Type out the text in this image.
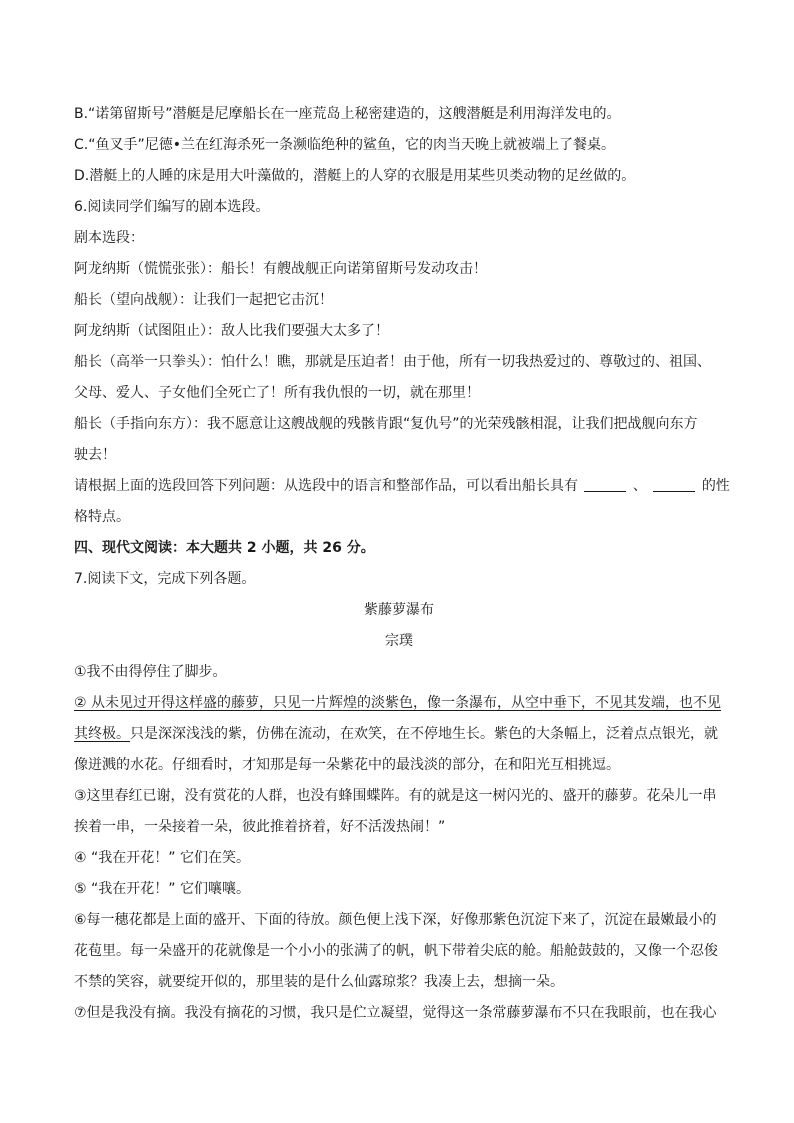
B.“诺第留斯号”潜艇是尼摩船长在一座荒岛上秘密建造的，这艘潜艇是利用海洋发电的。
C.“鱼叉手”尼德•兰在红海杀死一条濒临绝种的鲨鱼，它的肉当天晚上就被端上了餐桌。
D.潜艇上的人睡的床是用大叶藻做的，潜艇上的人穿的衣服是用某些贝类动物的足丝做的。
6.阅读同学们编写的剧本选段。
剧本选段：
阿龙纳斯（慌慌张张）：船长！有艘战舰正向诺第留斯号发动攻击！
船长（望向战舰）：让我们一起把它击沉！
阿龙纳斯（试图阻止）：敌人比我们要强大太多了！
船长（高举一只拳头）：怕什么！瞧，那就是压迫者！由于他，所有一切我热爱过的、尊敬过的、祖国、
父母、爱人、子女他们全死亡了！所有我仇恨的一切，就在那里！
船长（手指向东方）：我不愿意让这艘战舰的残骸肯跟“复仇号”的光荣残骸相混，让我们把战舰向东方
驶去！
请根据上面的选段回答下列问题：从选段中的语言和整部作品，可以看出船长具有	、	的性
格特点。
四、现代文阅读：本大题共 2 小题，共 26 分。
7.阅读下文，完成下列各题。
紫藤萝瀑布
宗璞
①我不由得停住了脚步。
② 从未见过开得这样盛的藤萝，只见一片辉煌的淡紫色，像一条瀑布，从空中垂下，不见其发端，也不见
其终极。只是深深浅浅的紫，仿佛在流动，在欢笑，在不停地生长。紫色的大条幅上，泛着点点银光，就
像迸溅的水花。仔细看时，才知那是每一朵紫花中的最浅淡的部分，在和阳光互相挑逗。
③这里春红已谢，没有赏花的人群，也没有蜂围蝶阵。有的就是这一树闪光的、盛开的藤萝。花朵儿一串
挨着一串，一朵接着一朵，彼此推着挤着，好不活泼热闹！”
④ “我在开花！” 它们在笑。
⑤ “我在开花！” 它们嚷嚷。
⑥每一穗花都是上面的盛开、下面的待放。颜色便上浅下深，好像那紫色沉淀下来了，沉淀在最嫩最小的
花苞里。每一朵盛开的花就像是一个小小的张满了的帆，帆下带着尖底的舱。船舱鼓鼓的，又像一个忍俊
不禁的笑容，就要绽开似的，那里装的是什么仙露琼浆？我凑上去，想摘一朵。
⑦但是我没有摘。我没有摘花的习惯，我只是伫立凝望，觉得这一条常藤萝瀑布不只在我眼前，也在我心
